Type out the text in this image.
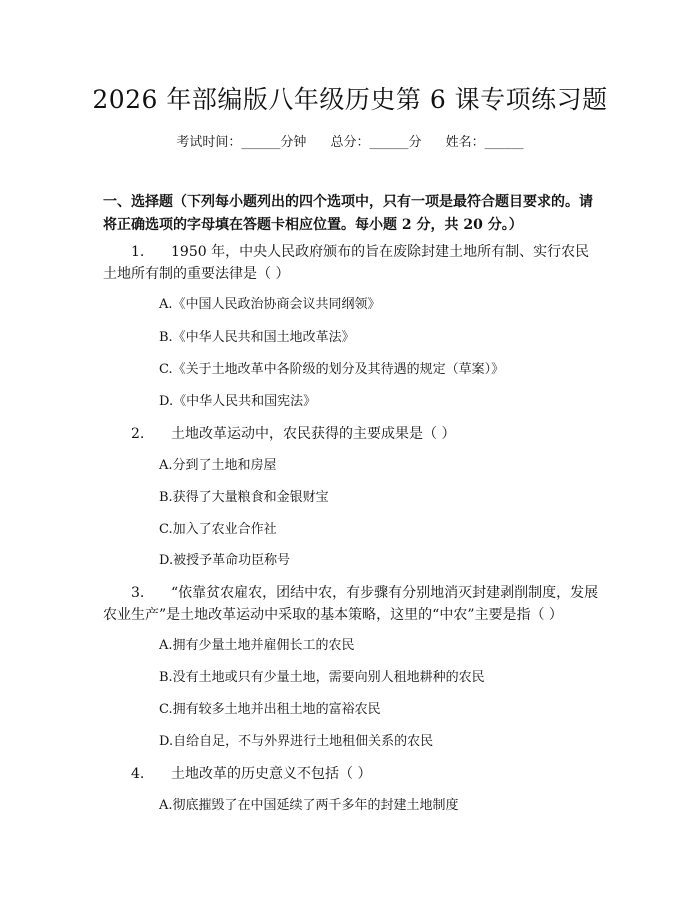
2026 年部编版八年级历史第 6 课专项练习题
考试时间：______分钟 总分：______分 姓名：______
一、选择题（下列每小题列出的四个选项中，只有一项是最符合题目要求的。请将正确选项的字母填在答题卡相应位置。每小题 2 分，共 20 分。）
1.　1950 年，中央人民政府颁布的旨在废除封建土地所有制、实行农民土地所有制的重要法律是（ ）
A.《中国人民政治协商会议共同纲领》
B.《中华人民共和国土地改革法》
C.《关于土地改革中各阶级的划分及其待遇的规定（草案）》
D.《中华人民共和国宪法》
2.　土地改革运动中，农民获得的主要成果是（ ）
A.分到了土地和房屋
B.获得了大量粮食和金银财宝
C.加入了农业合作社
D.被授予革命功臣称号
3.　“依靠贫农雇农，团结中农，有步骤有分别地消灭封建剥削制度，发展农业生产”是土地改革运动中采取的基本策略，这里的“中农”主要是指（ ）
A.拥有少量土地并雇佣长工的农民
B.没有土地或只有少量土地，需要向别人租地耕种的农民
C.拥有较多土地并出租土地的富裕农民
D.自给自足，不与外界进行土地租佃关系的农民
4.　土地改革的历史意义不包括（ ）
A.彻底摧毁了在中国延续了两千多年的封建土地制度
